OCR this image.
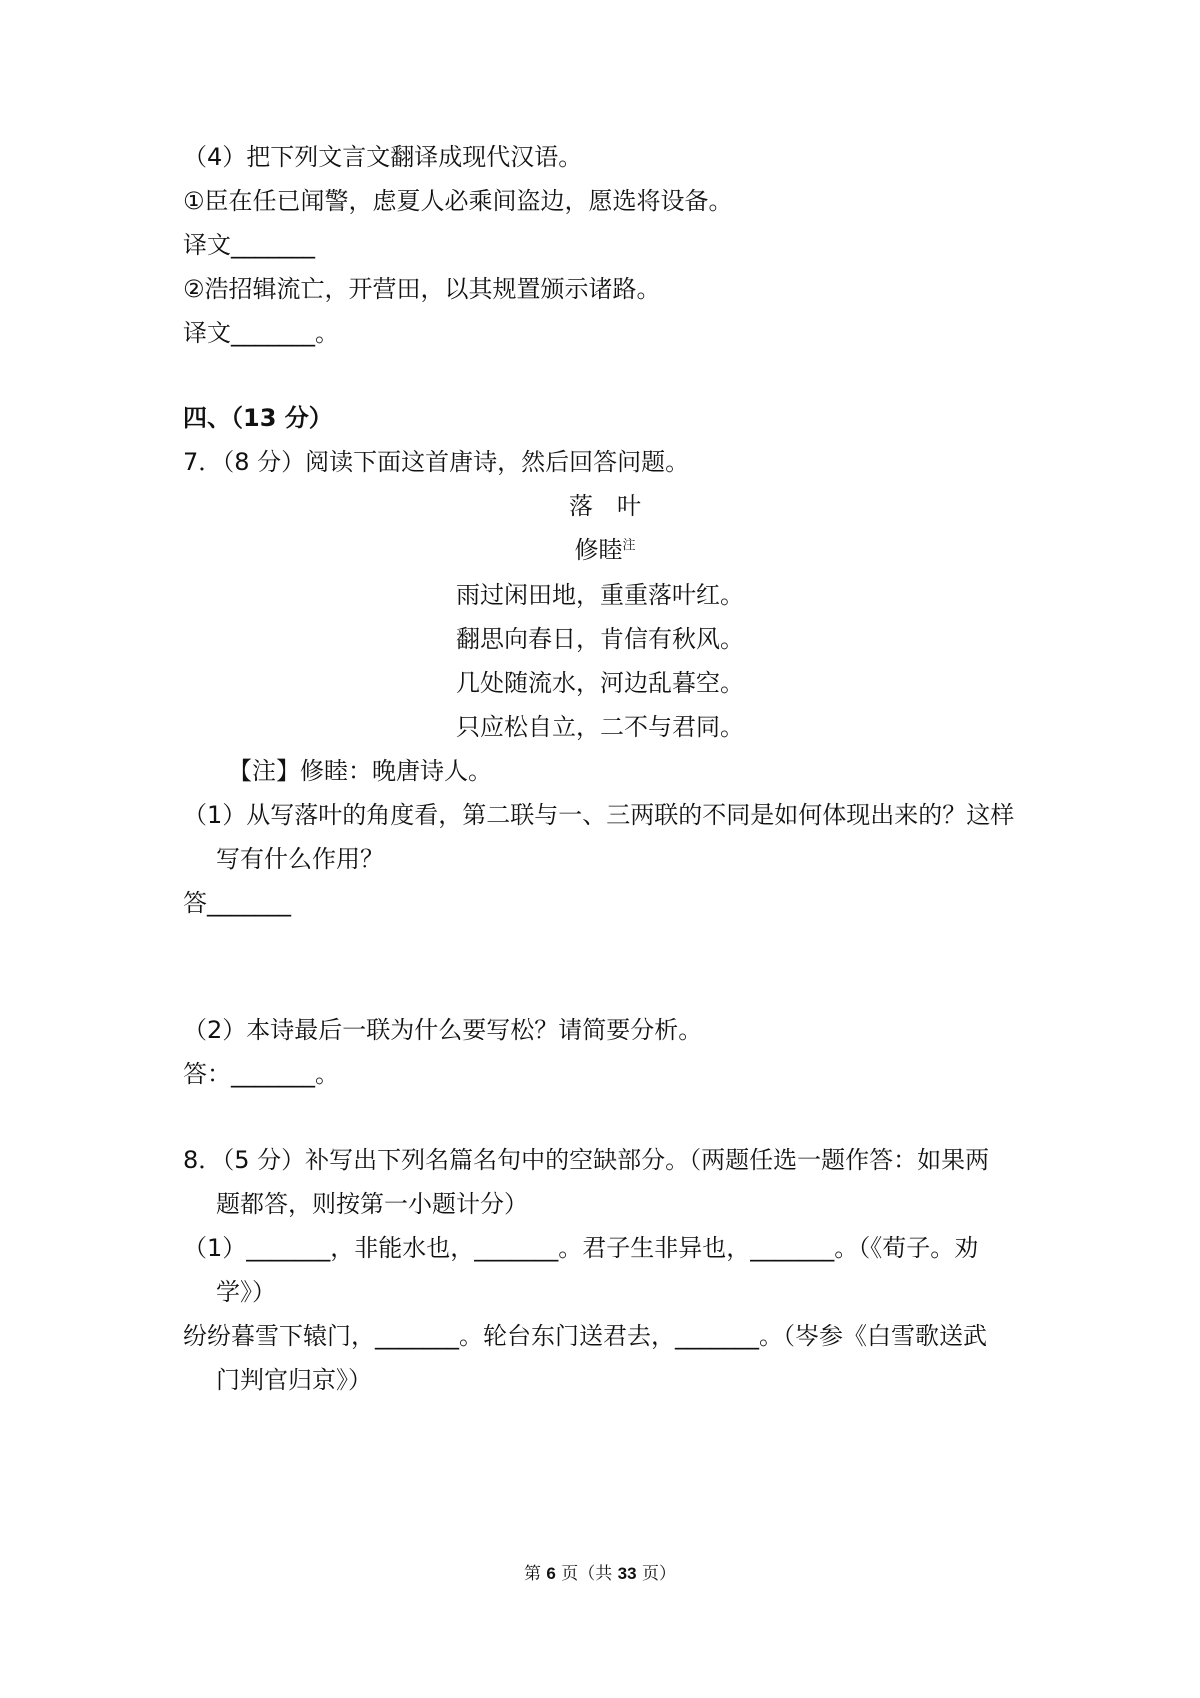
（4）把下列文言文翻译成现代汉语。
①臣在任已闻警，虑夏人必乘间盗边，愿选将设备。
译文_______
②浩招辑流亡，开营田，以其规置颁示诸路。
译文_______。
四、（13 分）
7．（8 分）阅读下面这首唐诗，然后回答问题。
落　叶
修睦$^注$
雨过闲田地，重重落叶红。
翻思向春日，肯信有秋风。
几处随流水，河边乱暮空。
只应松自立，二不与君同。
【注】修睦：晚唐诗人。
（1）从写落叶的角度看，第二联与一、三两联的不同是如何体现出来的？这样
写有什么作用？
答_______
（2）本诗最后一联为什么要写松？请简要分析。
答：_______。
8．（5 分）补写出下列名篇名句中的空缺部分。（两题任选一题作答：如果两
题都答，则按第一小题计分）
（1）_______，非能水也，_______。君子生非异也，_______。（《荀子。劝
学》）
纷纷暮雪下辕门，_______。轮台东门送君去，_______。（岑参《白雪歌送武
门判官归京》）
第 6 页（共 33 页）
